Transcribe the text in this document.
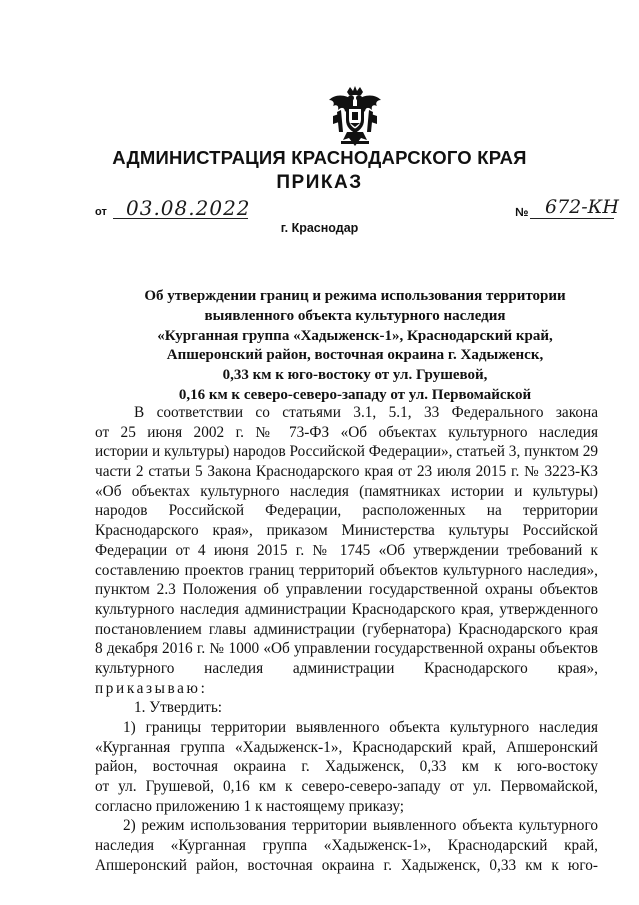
АДМИНИСТРАЦИЯ КРАСНОДАРСКОГО КРАЯ
ПРИКАЗ
от 03.08.2022	№ 672-КН
г. Краснодар
Об утверждении границ и режима использования территории
выявленного объекта культурного наследия
«Курганная группа «Хадыженск-1», Краснодарский край,
Апшеронский район, восточная окраина г. Хадыженск,
0,33 км к юго-востоку от ул. Грушевой,
0,16 км к северо-северо-западу от ул. Первомайской
В соответствии со статьями 3.1, 5.1, 33 Федерального закона
от 25 июня 2002 г. № 73-ФЗ «Об объектах культурного наследия
истории и культуры) народов Российской Федерации», статьей 3, пунктом 29
части 2 статьи 5 Закона Краснодарского края от 23 июля 2015 г. № 3223-КЗ
«Об объектах культурного наследия (памятниках истории и культуры)
народов Российской Федерации, расположенных на территории
Краснодарского края», приказом Министерства культуры Российской
Федерации от 4 июня 2015 г. № 1745 «Об утверждении требований к
составлению проектов границ территорий объектов культурного наследия»,
пунктом 2.3 Положения об управлении государственной охраны объектов
культурного наследия администрации Краснодарского края, утвержденного
постановлением главы администрации (губернатора) Краснодарского края
8 декабря 2016 г. № 1000 «Об управлении государственной охраны объектов
культурного наследия администрации Краснодарского края»,
приказываю:
1. Утвердить:
1) границы территории выявленного объекта культурного наследия
«Курганная группа «Хадыженск-1», Краснодарский край, Апшеронский
район, восточная окраина г. Хадыженск, 0,33 км к юго-востоку
от ул. Грушевой, 0,16 км к северо-северо-западу от ул. Первомайской,
согласно приложению 1 к настоящему приказу;
2) режим использования территории выявленного объекта культурного
наследия «Курганная группа «Хадыженск-1», Краснодарский край,
Апшеронский район, восточная окраина г. Хадыженск, 0,33 км к юго-
